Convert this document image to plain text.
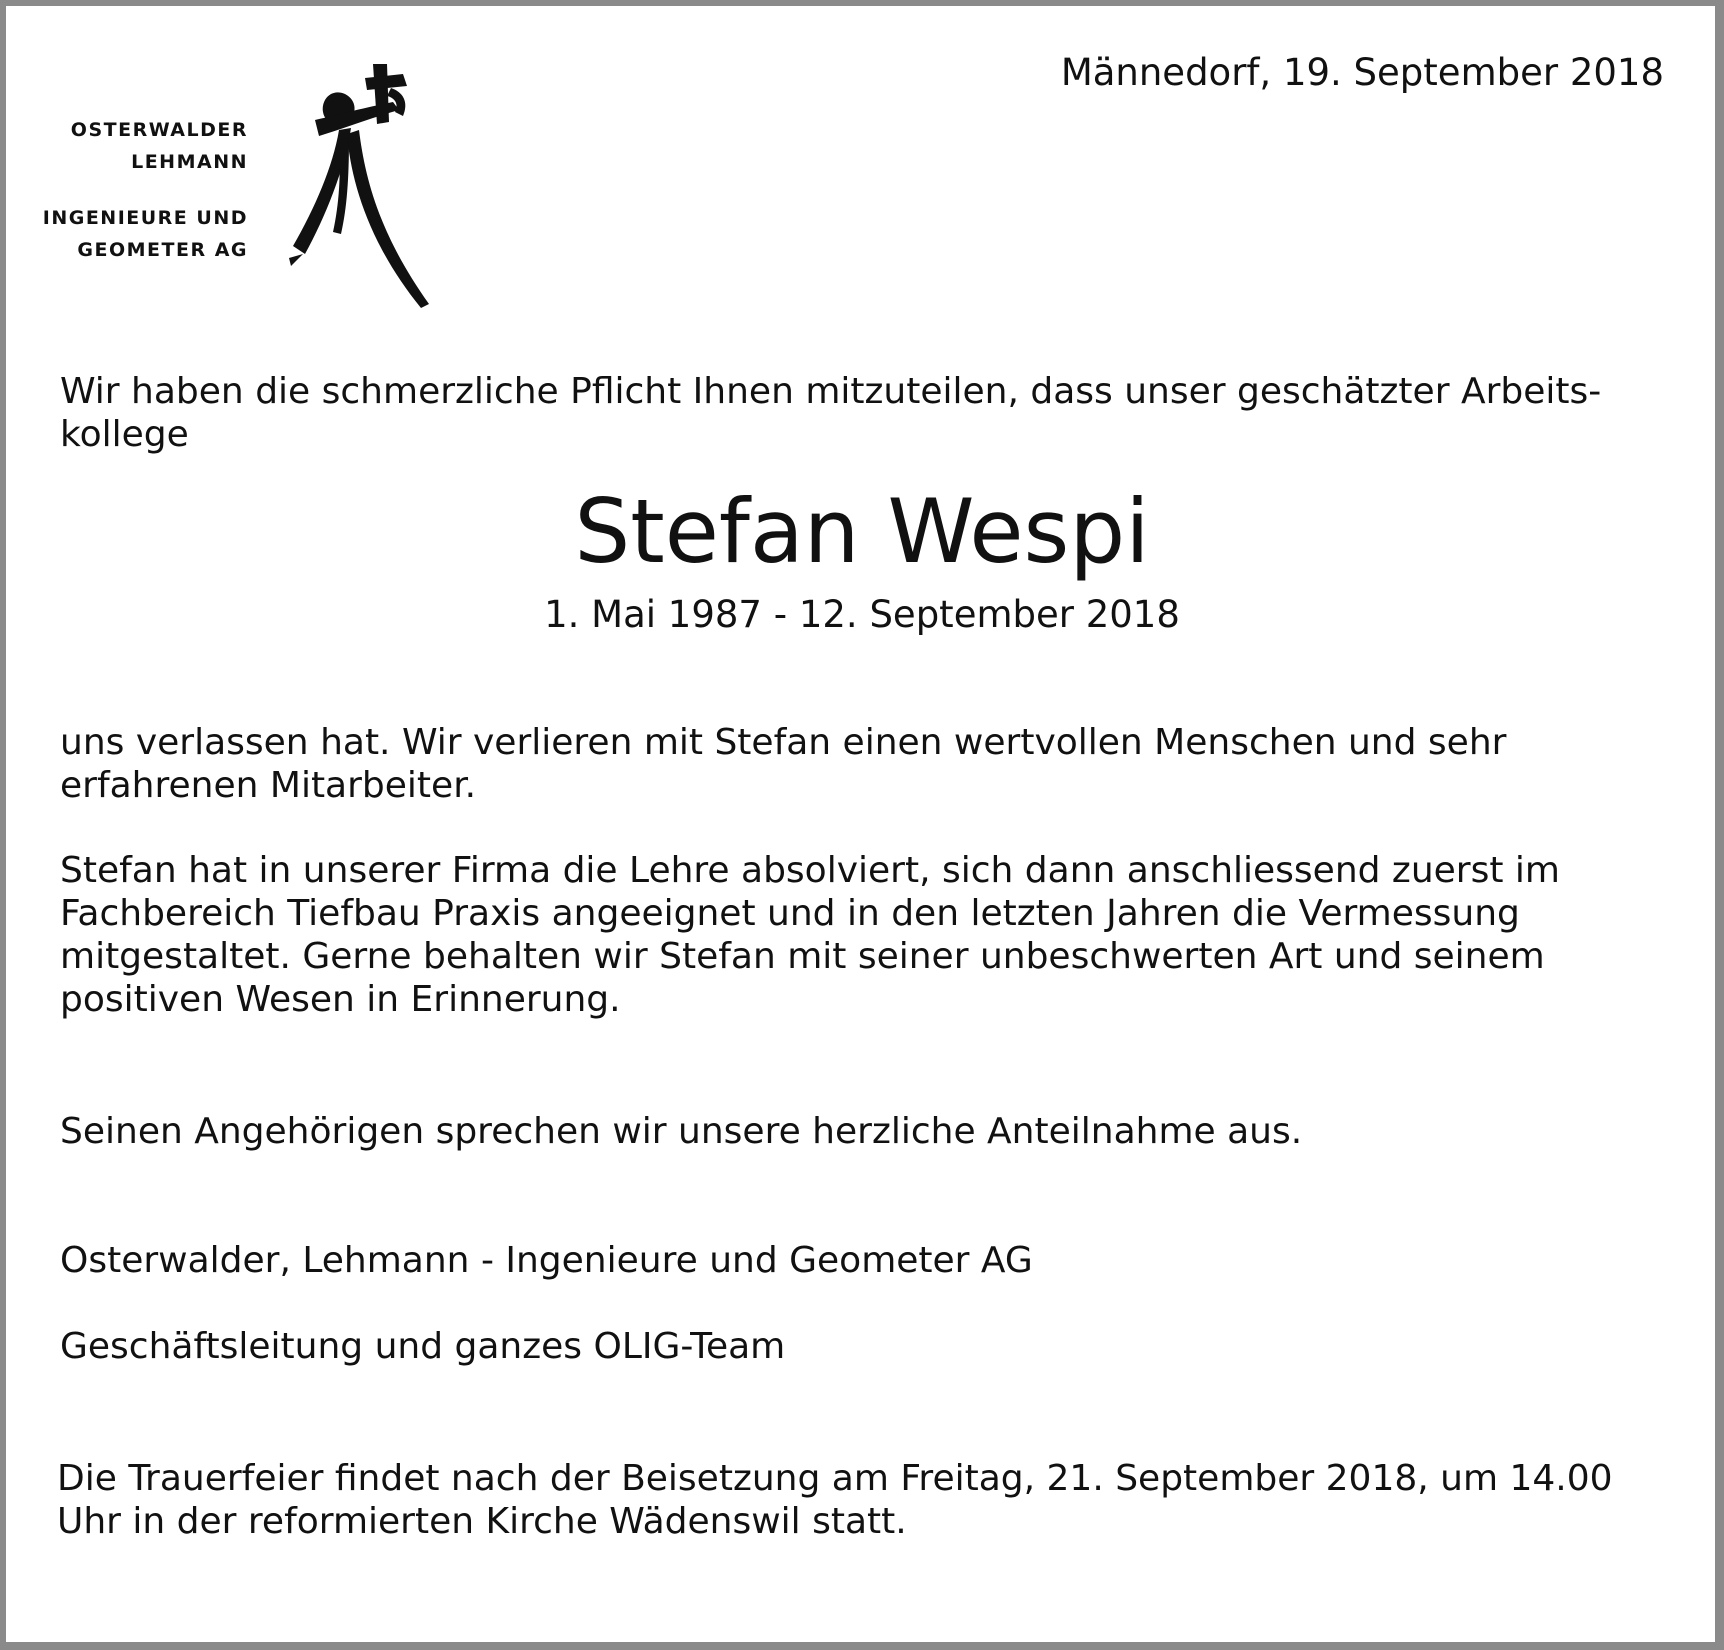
Männedorf, 19. September 2018
OSTERWALDER
LEHMANN
INGENIEURE UND
GEOMETER AG
Wir haben die schmerzliche Pflicht Ihnen mitzuteilen, dass unser geschätzter Arbeits- kollege
Stefan Wespi
1. Mai 1987 - 12. September 2018
uns verlassen hat. Wir verlieren mit Stefan einen wertvollen Menschen und sehr erfahrenen Mitarbeiter.
Stefan hat in unserer Firma die Lehre absolviert, sich dann anschliessend zuerst im Fachbereich Tiefbau Praxis angeeignet und in den letzten Jahren die Vermessung mitgestaltet. Gerne behalten wir Stefan mit seiner unbeschwerten Art und seinem positiven Wesen in Erinnerung.
Seinen Angehörigen sprechen wir unsere herzliche Anteilnahme aus.
Osterwalder, Lehmann - Ingenieure und Geometer AG
Geschäftsleitung und ganzes OLIG-Team
Die Trauerfeier findet nach der Beisetzung am Freitag, 21. September 2018, um 14.00 Uhr in der reformierten Kirche Wädenswil statt.
